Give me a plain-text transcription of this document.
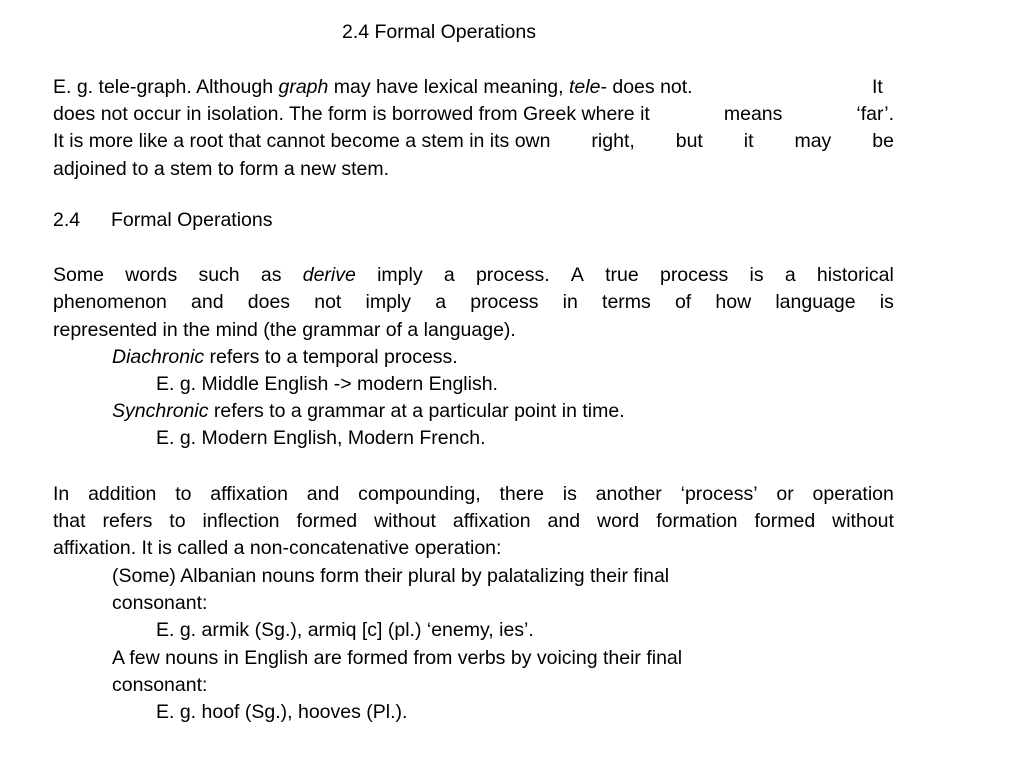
2.4 Formal Operations
E. g. tele-graph. Although graph may have lexical meaning, tele- does not.	It
does not occur in isolation. The form is borrowed from Greek where it	means	‘far’.
It is more like a root that cannot become a stem in its own right, but it may be
adjoined to a stem to form a new stem.
2.4 Formal Operations
Some words such as derive imply a process. A true process is a historical
phenomenon and does not imply a process in terms of how language is
represented in the mind (the grammar of a language).
Diachronic refers to a temporal process.
E. g. Middle English -> modern English.
Synchronic refers to a grammar at a particular point in time.
E. g. Modern English, Modern French.
In addition to affixation and compounding, there is another ‘process’ or operation
that refers to inflection formed without affixation and word formation formed without
affixation. It is called a non-concatenative operation:
(Some) Albanian nouns form their plural by palatalizing their final
consonant:
E. g. armik (Sg.), armiq [c] (pl.) ‘enemy, ies’.
A few nouns in English are formed from verbs by voicing their final
consonant:
E. g. hoof (Sg.), hooves (Pl.).
